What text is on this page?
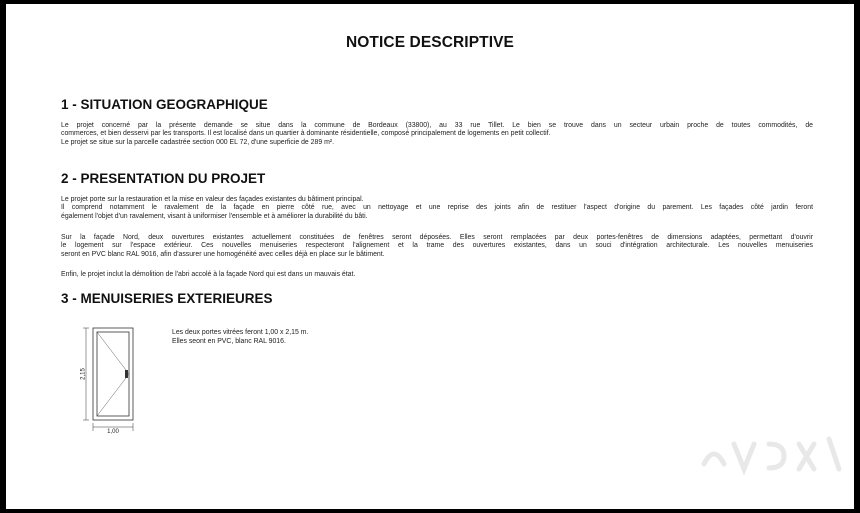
NOTICE DESCRIPTIVE
1 - SITUATION GEOGRAPHIQUE

Le projet concerné par la présente demande se situe dans la commune de Bordeaux (33800), au 33 rue Tillet. Le bien se trouve dans un secteur urbain proche de toutes commodités, de
commerces, et bien desservi par les transports. Il est localisé dans un quartier à dominante résidentielle, composé principalement de logements en petit collectif.
Le projet se situe sur la parcelle cadastrée section 000 EL 72, d'une superficie de 289 m².

2 - PRESENTATION DU PROJET

Le projet porte sur la restauration et la mise en valeur des façades existantes du bâtiment principal.
Il comprend notamment le ravalement de la façade en pierre côté rue, avec un nettoyage et une reprise des joints afin de restituer l'aspect d'origine du parement. Les façades côté jardin feront
également l'objet d'un ravalement, visant à uniformiser l'ensemble et à améliorer la durabilité du bâti.

Sur la façade Nord, deux ouvertures existantes actuellement constituées de fenêtres seront déposées. Elles seront remplacées par deux portes-fenêtres de dimensions adaptées, permettant d'ouvrir
le logement sur l'espace extérieur. Ces nouvelles menuiseries respecteront l'alignement et la trame des ouvertures existantes, dans un souci d'intégration architecturale. Les nouvelles menuiseries
seront en PVC blanc RAL 9016, afin d'assurer une homogénéité avec celles déjà en place sur le bâtiment.

Enfin, le projet inclut la démolition de l'abri accolé à la façade Nord qui est dans un mauvais état.

3 - MENUISERIES EXTERIEURES
2,15
1,00
Les deux portes vitrées feront 1,00 x 2,15 m.
Elles seont en PVC, blanc RAL 9016.
